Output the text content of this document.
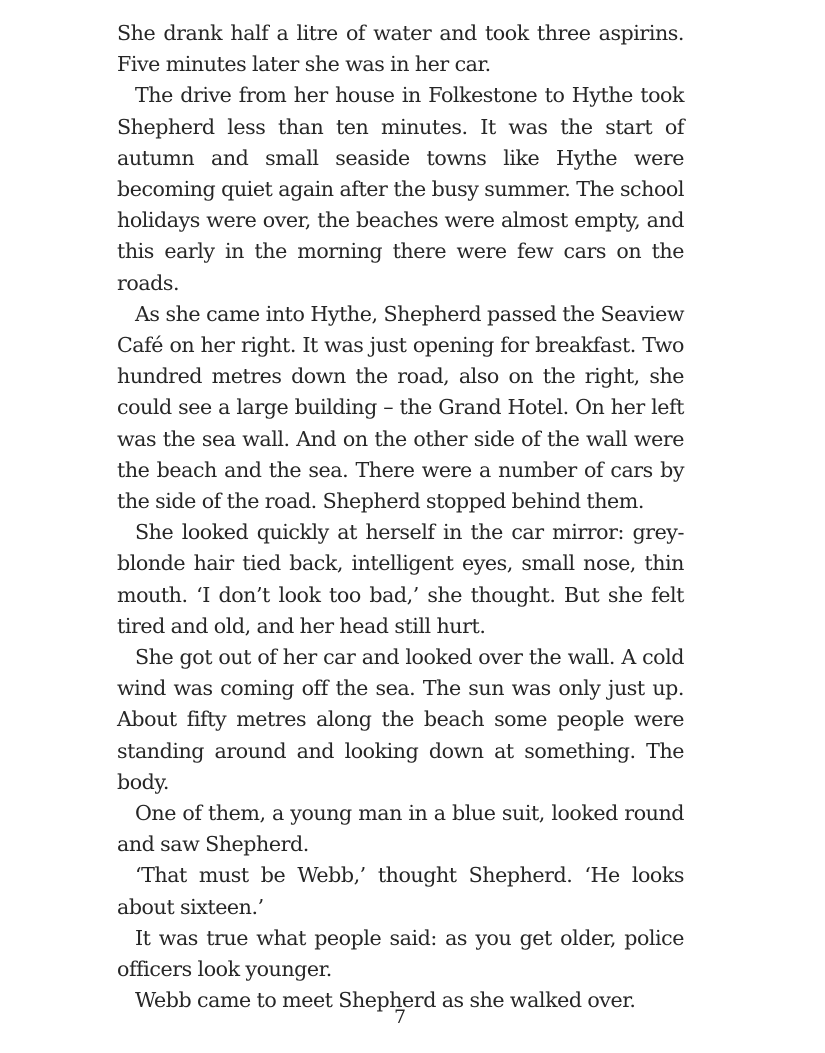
She drank half a litre of water and took three aspirins. Five minutes later she was in her car.

The drive from her house in Folkestone to Hythe took Shepherd less than ten minutes. It was the start of autumn and small seaside towns like Hythe were becoming quiet again after the busy summer. The school holidays were over, the beaches were almost empty, and this early in the morning there were few cars on the roads.

As she came into Hythe, Shepherd passed the Seaview Café on her right. It was just opening for breakfast. Two hundred metres down the road, also on the right, she could see a large building – the Grand Hotel. On her left was the sea wall. And on the other side of the wall were the beach and the sea. There were a number of cars by the side of the road. Shepherd stopped behind them.

She looked quickly at herself in the car mirror: grey-blonde hair tied back, intelligent eyes, small nose, thin mouth. ‘I don’t look too bad,’ she thought. But she felt tired and old, and her head still hurt.

She got out of her car and looked over the wall. A cold wind was coming off the sea. The sun was only just up. About fifty metres along the beach some people were standing around and looking down at something. The body.

One of them, a young man in a blue suit, looked round and saw Shepherd.

‘That must be Webb,’ thought Shepherd. ‘He looks about sixteen.’

It was true what people said: as you get older, police officers look younger.

Webb came to meet Shepherd as she walked over.

7
